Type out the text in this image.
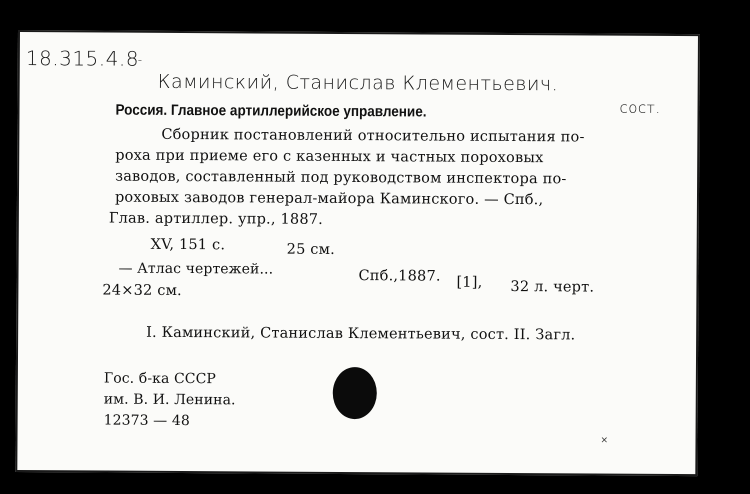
18.315.4.8
-
Каминский, Станислав Клементьевич.
сост.
Россия. Главное артиллерийское управление.
Сборник постановлений относительно испытания по-
роха при приеме его с казенных и частных пороховых
заводов, составленный под руководством инспектора по-
роховых заводов генерал-майора Каминского. — Спб.,
Глав. артиллер. упр., 1887.
XV, 151 с.	25 см.
— Атлас чертежей...	Спб.,1887. [1], 32 л. черт.
24×32 см.
I. Каминский, Станислав Клементьевич, сост. II. Загл.
Гос. б-ка СССР
им. В. И. Ленина.
12373 — 48
×
